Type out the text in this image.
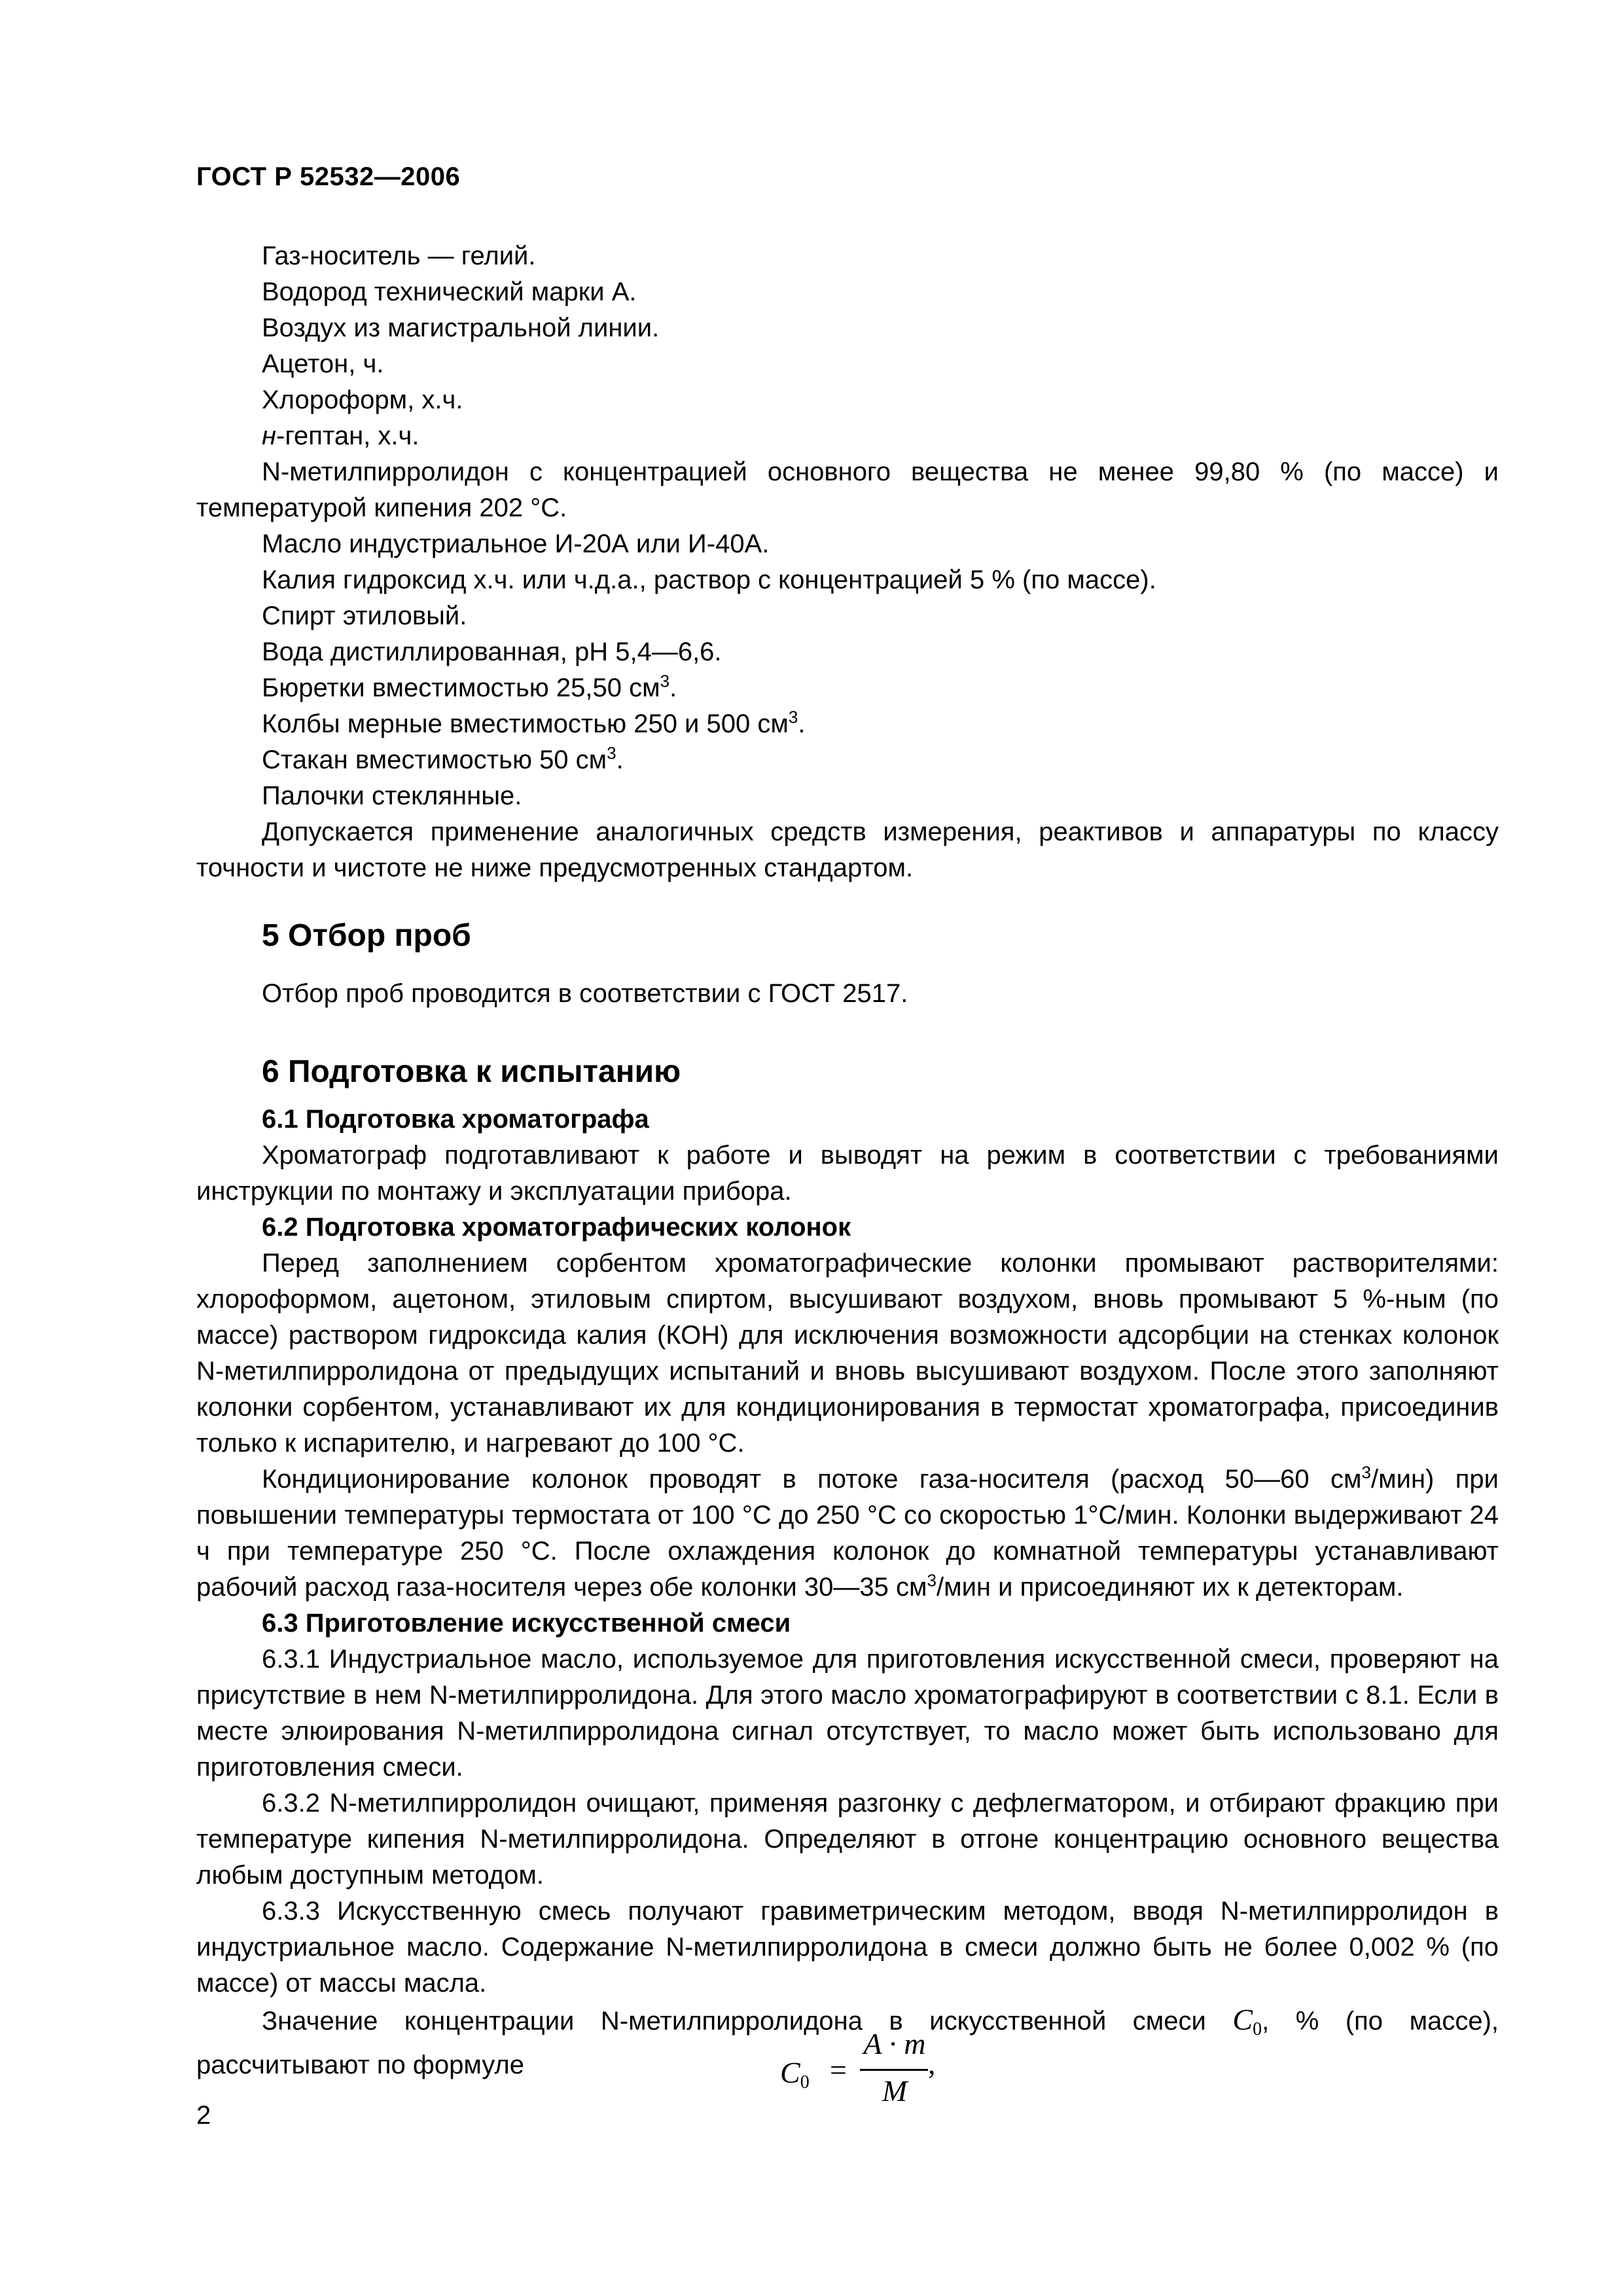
ГОСТ Р 52532—2006

Газ-носитель — гелий.

Водород технический марки А.

Воздух из магистральной линии.

Ацетон, ч.

Хлороформ, х.ч.

н-гептан, х.ч.

N-метилпирролидон с концентрацией основного вещества не менее 99,80 % (по массе) и температурой кипения 202 °С.

Масло индустриальное И-20А или И-40А.

Калия гидроксид х.ч. или ч.д.а., раствор с концентрацией 5 % (по массе).

Спирт этиловый.

Вода дистиллированная, рН 5,4—6,6.

Бюретки вместимостью 25,50 $см^3$.

Колбы мерные вместимостью 250 и 500 $см^3$.

Стакан вместимостью 50 $см^3$.

Палочки стеклянные.

Допускается применение аналогичных средств измерения, реактивов и аппаратуры по классу точности и чистоте не ниже предусмотренных стандартом.

5 Отбор проб

Отбор проб проводится в соответствии с ГОСТ 2517.

6 Подготовка к испытанию
6.1 Подготовка хроматографа

Хроматограф подготавливают к работе и выводят на режим в соответствии с требованиями инструкции по монтажу и эксплуатации прибора.

6.2 Подготовка хроматографических колонок

Перед заполнением сорбентом хроматографические колонки промывают растворителями: хлороформом, ацетоном, этиловым спиртом, высушивают воздухом, вновь промывают 5 %-ным (по массе) раствором гидроксида калия (КОН) для исключения возможности адсорбции на стенках колонок N-метилпирролидона от предыдущих испытаний и вновь высушивают воздухом. После этого заполняют колонки сорбентом, устанавливают их для кондиционирования в термостат хроматографа, присоединив только к испарителю, и нагревают до 100 °С.

Кондиционирование колонок проводят в потоке газа-носителя (расход 50—60 $см^3/мин$) при повышении температуры термостата от 100 °С до 250 °С со скоростью 1°С/мин. Колонки выдерживают 24 ч при температуре 250 °С. После охлаждения колонок до комнатной температуры устанавливают рабочий расход газа-носителя через обе колонки 30—35 $см^3$/мин и присоединяют их к детекторам.

6.3 Приготовление искусственной смеси

6.3.1 Индустриальное масло, используемое для приготовления искусственной смеси, проверяют на присутствие в нем N-метилпирролидона. Для этого масло хроматографируют в соответствии с 8.1. Если в месте элюирования N-метилпирролидона сигнал отсутствует, то масло может быть использовано для приготовления смеси.

6.3.2 N-метилпирролидон очищают, применяя разгонку с дефлегматором, и отбирают фракцию при температуре кипения N-метилпирролидона. Определяют в отгоне концентрацию основного вещества любым доступным методом.

6.3.3 Искусственную смесь получают гравиметрическим методом, вводя N-метилпирролидон в индустриальное масло. Содержание N-метилпирролидона в смеси должно быть не более 0,002 % (по массе) от массы масла.

Значение концентрации N-метилпирролидона в искусственной смеси $C_0$, % (по массе), рассчитывают по формуле	C0 =
A · m
M
,
2
